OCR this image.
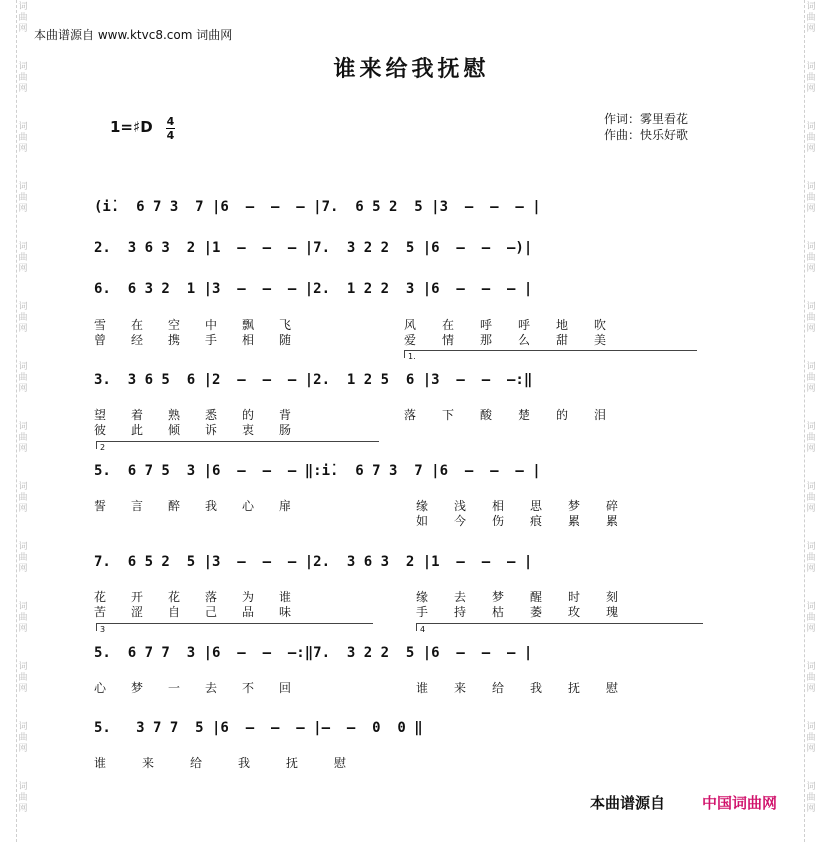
词
曲
网
词
曲
网
词
曲
网
词
曲
网
词
曲
网
词
曲
网
词
曲
网
词
曲
网
词
曲
网
词
曲
网
词
曲
网
词
曲
网
词
曲
网
词
曲
网
词
曲
网
词
曲
网
词
曲
网
词
曲
网
词
曲
网
词
曲
网
词
曲
网
词
曲
网
词
曲
网
词
曲
网
词
曲
网
词
曲
网
词
曲
网
词
曲
网
本曲谱源自 www.ktvc8.com 词曲网
谁来给我抚慰
作词：雾里看花
作曲：快乐好歌
1=♯D 4
4
(i̇.  6 7 3  7 |6  –  –  – |7.  6 5 2  5 |3  –  –  – |
2.  3 6 3  2 |1  –  –  – |7.  3 2 2  5 |6  –  –  –)|
6.  6 3 2  1 |3  –  –  – |2.  1 2 2  3 |6  –  –  – |
3.  3 6 5  6 |2  –  –  – |2.  1 2 5  6 |3  –  –  –:‖
5.  6 7 5  3 |6  –  –  – ‖:i̇.  6 7 3  7 |6  –  –  – |
7.  6 5 2  5 |3  –  –  – |2.  3 6 3  2 |1  –  –  – |
5.  6 7 7  3 |6  –  –  –:‖7.  3 2 2  5 |6  –  –  – |
5.   3 7 7  5 |6  –  –  – |–  –  0  0 ‖
雪 在 空 中 飘 飞	风 在 呼 呼 地 吹
曾 经 携 手 相 随	爱 情 那 么 甜 美
1.
望 着 熟 悉 的 背	落 下 酸 楚 的 泪
彼 此 倾 诉 衷 肠
2
誓 言 醉 我 心 扉	缘 浅 相 思 梦 碎
如 今 伤 痕 累 累
花 开 花 落 为 谁	缘 去 梦 醒 时 刻
苦 涩 自 己 品 味	手 持 枯 萎 玫 瑰
3	4
心 梦 一 去 不 回	谁 来 给 我 抚 慰
谁	来	给	我	抚	慰
本曲谱源自 中国词曲网
